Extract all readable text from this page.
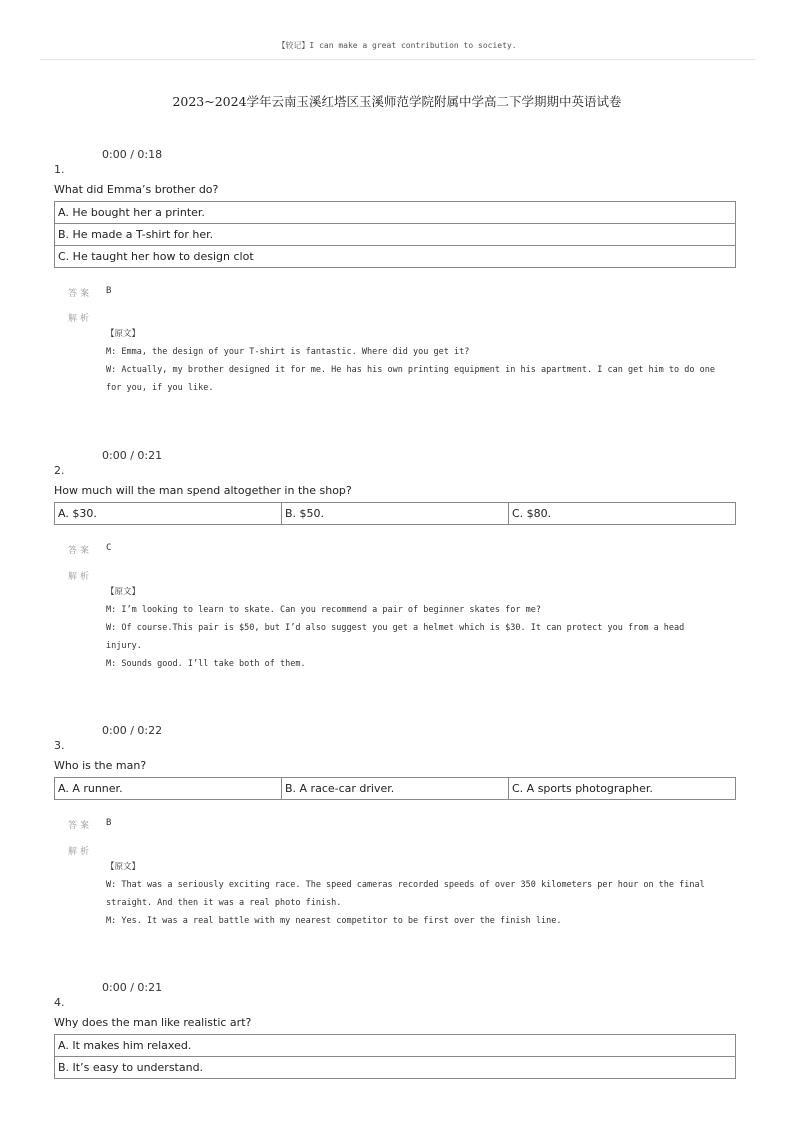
【较记】I can make a great contribution to society.
2023~2024学年云南玉溪红塔区玉溪师范学院附属中学高二下学期期中英语试卷
0:00 / 0:18
1.
What did Emma’s brother do?
A. He bought her a printer.
B. He made a T-shirt for her.
C. He taught her how to design clot
答案 B
解析
【原文】
M: Emma, the design of your T-shirt is fantastic. Where did you get it?
W: Actually, my brother designed it for me. He has his own printing equipment in his apartment. I can get him to do one for you, if you like.
0:00 / 0:21
2.
How much will the man spend altogether in the shop?
A. $30.	B. $50.	C. $80.
答案 C
解析
【原文】
M: I’m looking to learn to skate. Can you recommend a pair of beginner skates for me?
W: Of course.This pair is $50, but I’d also suggest you get a helmet which is $30. It can protect you from a head injury.
M: Sounds good. I’ll take both of them.
0:00 / 0:22
3.
Who is the man?
A. A runner.	B. A race-car driver.	C. A sports photographer.
答案 B
解析
【原文】
W: That was a seriously exciting race. The speed cameras recorded speeds of over 350 kilometers per hour on the final straight. And then it was a real photo finish.
M: Yes. It was a real battle with my nearest competitor to be first over the finish line.
0:00 / 0:21
4.
Why does the man like realistic art?
A. It makes him relaxed.
B. It’s easy to understand.
